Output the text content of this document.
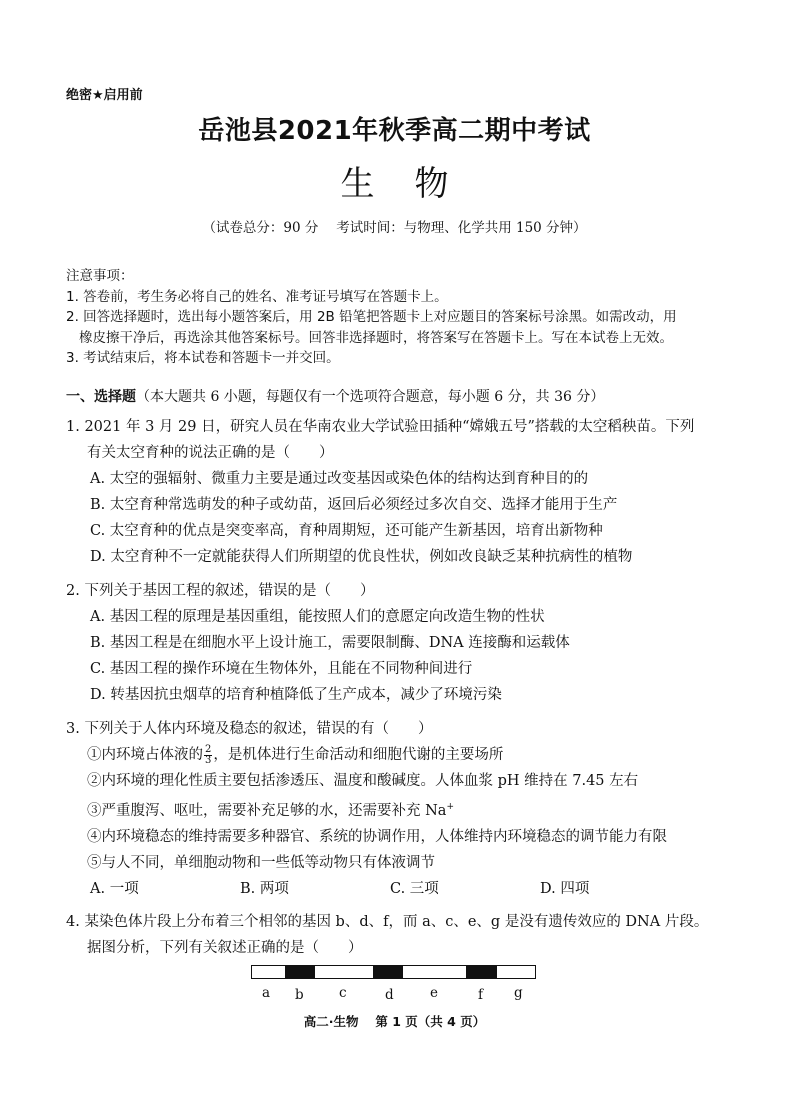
绝密★启用前
岳池县2021年秋季高二期中考试
生物
（试卷总分：90 分　 考试时间：与物理、化学共用 150 分钟）
注意事项：
1. 答卷前，考生务必将自己的姓名、准考证号填写在答题卡上。
2. 回答选择题时，选出每小题答案后，用 2B 铅笔把答题卡上对应题目的答案标号涂黑。如需改动，用
橡皮擦干净后，再选涂其他答案标号。回答非选择题时，将答案写在答题卡上。写在本试卷上无效。
3. 考试结束后，将本试卷和答题卡一并交回。
一、选择题（本大题共 6 小题，每题仅有一个选项符合题意，每小题 6 分，共 36 分）
1. 2021 年 3 月 29 日，研究人员在华南农业大学试验田插种“嫦娥五号”搭载的太空稻秧苗。下列
有关太空育种的说法正确的是（　　）
A. 太空的强辐射、微重力主要是通过改变基因或染色体的结构达到育种目的的
B. 太空育种常选萌发的种子或幼苗，返回后必须经过多次自交、选择才能用于生产
C. 太空育种的优点是突变率高，育种周期短，还可能产生新基因，培育出新物种
D. 太空育种不一定就能获得人们所期望的优良性状，例如改良缺乏某种抗病性的植物
2. 下列关于基因工程的叙述，错误的是（　　）
A. 基因工程的原理是基因重组，能按照人们的意愿定向改造生物的性状
B. 基因工程是在细胞水平上设计施工，需要限制酶、DNA 连接酶和运载体
C. 基因工程的操作环境在生物体外，且能在不同物种间进行
D. 转基因抗虫烟草的培育种植降低了生产成本，减少了环境污染
3. 下列关于人体内环境及稳态的叙述，错误的有（　　）
①内环境占体液的 $\frac{2}{3}$ ，是机体进行生命活动和细胞代谢的主要场所
②内环境的理化性质主要包括渗透压、温度和酸碱度。人体血浆 pH 维持在 7.45 左右
③严重腹泻、呕吐，需要补充足够的水，还需要补充 Na+
④内环境稳态的维持需要多种器官、系统的协调作用，人体维持内环境稳态的调节能力有限
⑤与人不同，单细胞动物和一些低等动物只有体液调节
A. 一项	B. 两项	C. 三项	D. 四项
4. 某染色体片段上分布着三个相邻的基因 b、d、f，而 a、c、e、g 是没有遗传效应的 DNA 片段。
据图分析，下列有关叙述正确的是（　　）
a b	c	d	e	f g
高二·生物　 第 1 页（共 4 页）
